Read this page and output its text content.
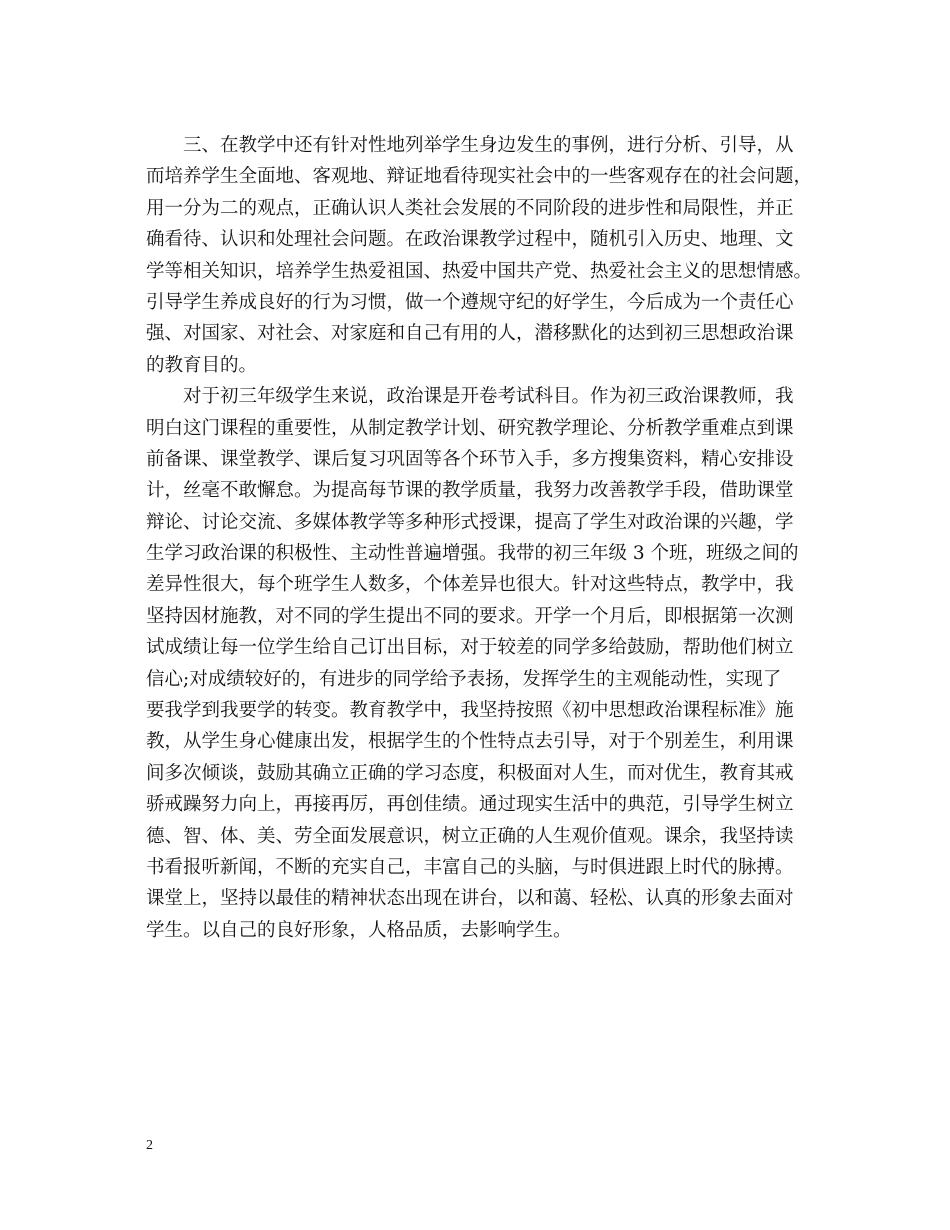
三、在教学中还有针对性地列举学生身边发生的事例，进行分析、引导，从
而培养学生全面地、客观地、辩证地看待现实社会中的一些客观存在的社会问题，
用一分为二的观点，正确认识人类社会发展的不同阶段的进步性和局限性，并正
确看待、认识和处理社会问题。在政治课教学过程中，随机引入历史、地理、文
学等相关知识，培养学生热爱祖国、热爱中国共产党、热爱社会主义的思想情感。
引导学生养成良好的行为习惯，做一个遵规守纪的好学生，今后成为一个责任心
强、对国家、对社会、对家庭和自己有用的人，潜移默化的达到初三思想政治课
的教育目的。
对于初三年级学生来说，政治课是开卷考试科目。作为初三政治课教师，我
明白这门课程的重要性，从制定教学计划、研究教学理论、分析教学重难点到课
前备课、课堂教学、课后复习巩固等各个环节入手，多方搜集资料，精心安排设
计，丝毫不敢懈怠。为提高每节课的教学质量，我努力改善教学手段，借助课堂
辩论、讨论交流、多媒体教学等多种形式授课，提高了学生对政治课的兴趣，学
生学习政治课的积极性、主动性普遍增强。我带的初三年级 3 个班，班级之间的
差异性很大，每个班学生人数多，个体差异也很大。针对这些特点，教学中，我
坚持因材施教，对不同的学生提出不同的要求。开学一个月后，即根据第一次测
试成绩让每一位学生给自己订出目标，对于较差的同学多给鼓励，帮助他们树立
信心;对成绩较好的，有进步的同学给予表扬，发挥学生的主观能动性，实现了
要我学到我要学的转变。教育教学中，我坚持按照《初中思想政治课程标准》施
教，从学生身心健康出发，根据学生的个性特点去引导，对于个别差生，利用课
间多次倾谈，鼓励其确立正确的学习态度，积极面对人生，而对优生，教育其戒
骄戒躁努力向上，再接再厉，再创佳绩。通过现实生活中的典范，引导学生树立
德、智、体、美、劳全面发展意识，树立正确的人生观价值观。课余，我坚持读
书看报听新闻，不断的充实自己，丰富自己的头脑，与时俱进跟上时代的脉搏。
课堂上，坚持以最佳的精神状态出现在讲台，以和蔼、轻松、认真的形象去面对
学生。以自己的良好形象，人格品质，去影响学生。
2
